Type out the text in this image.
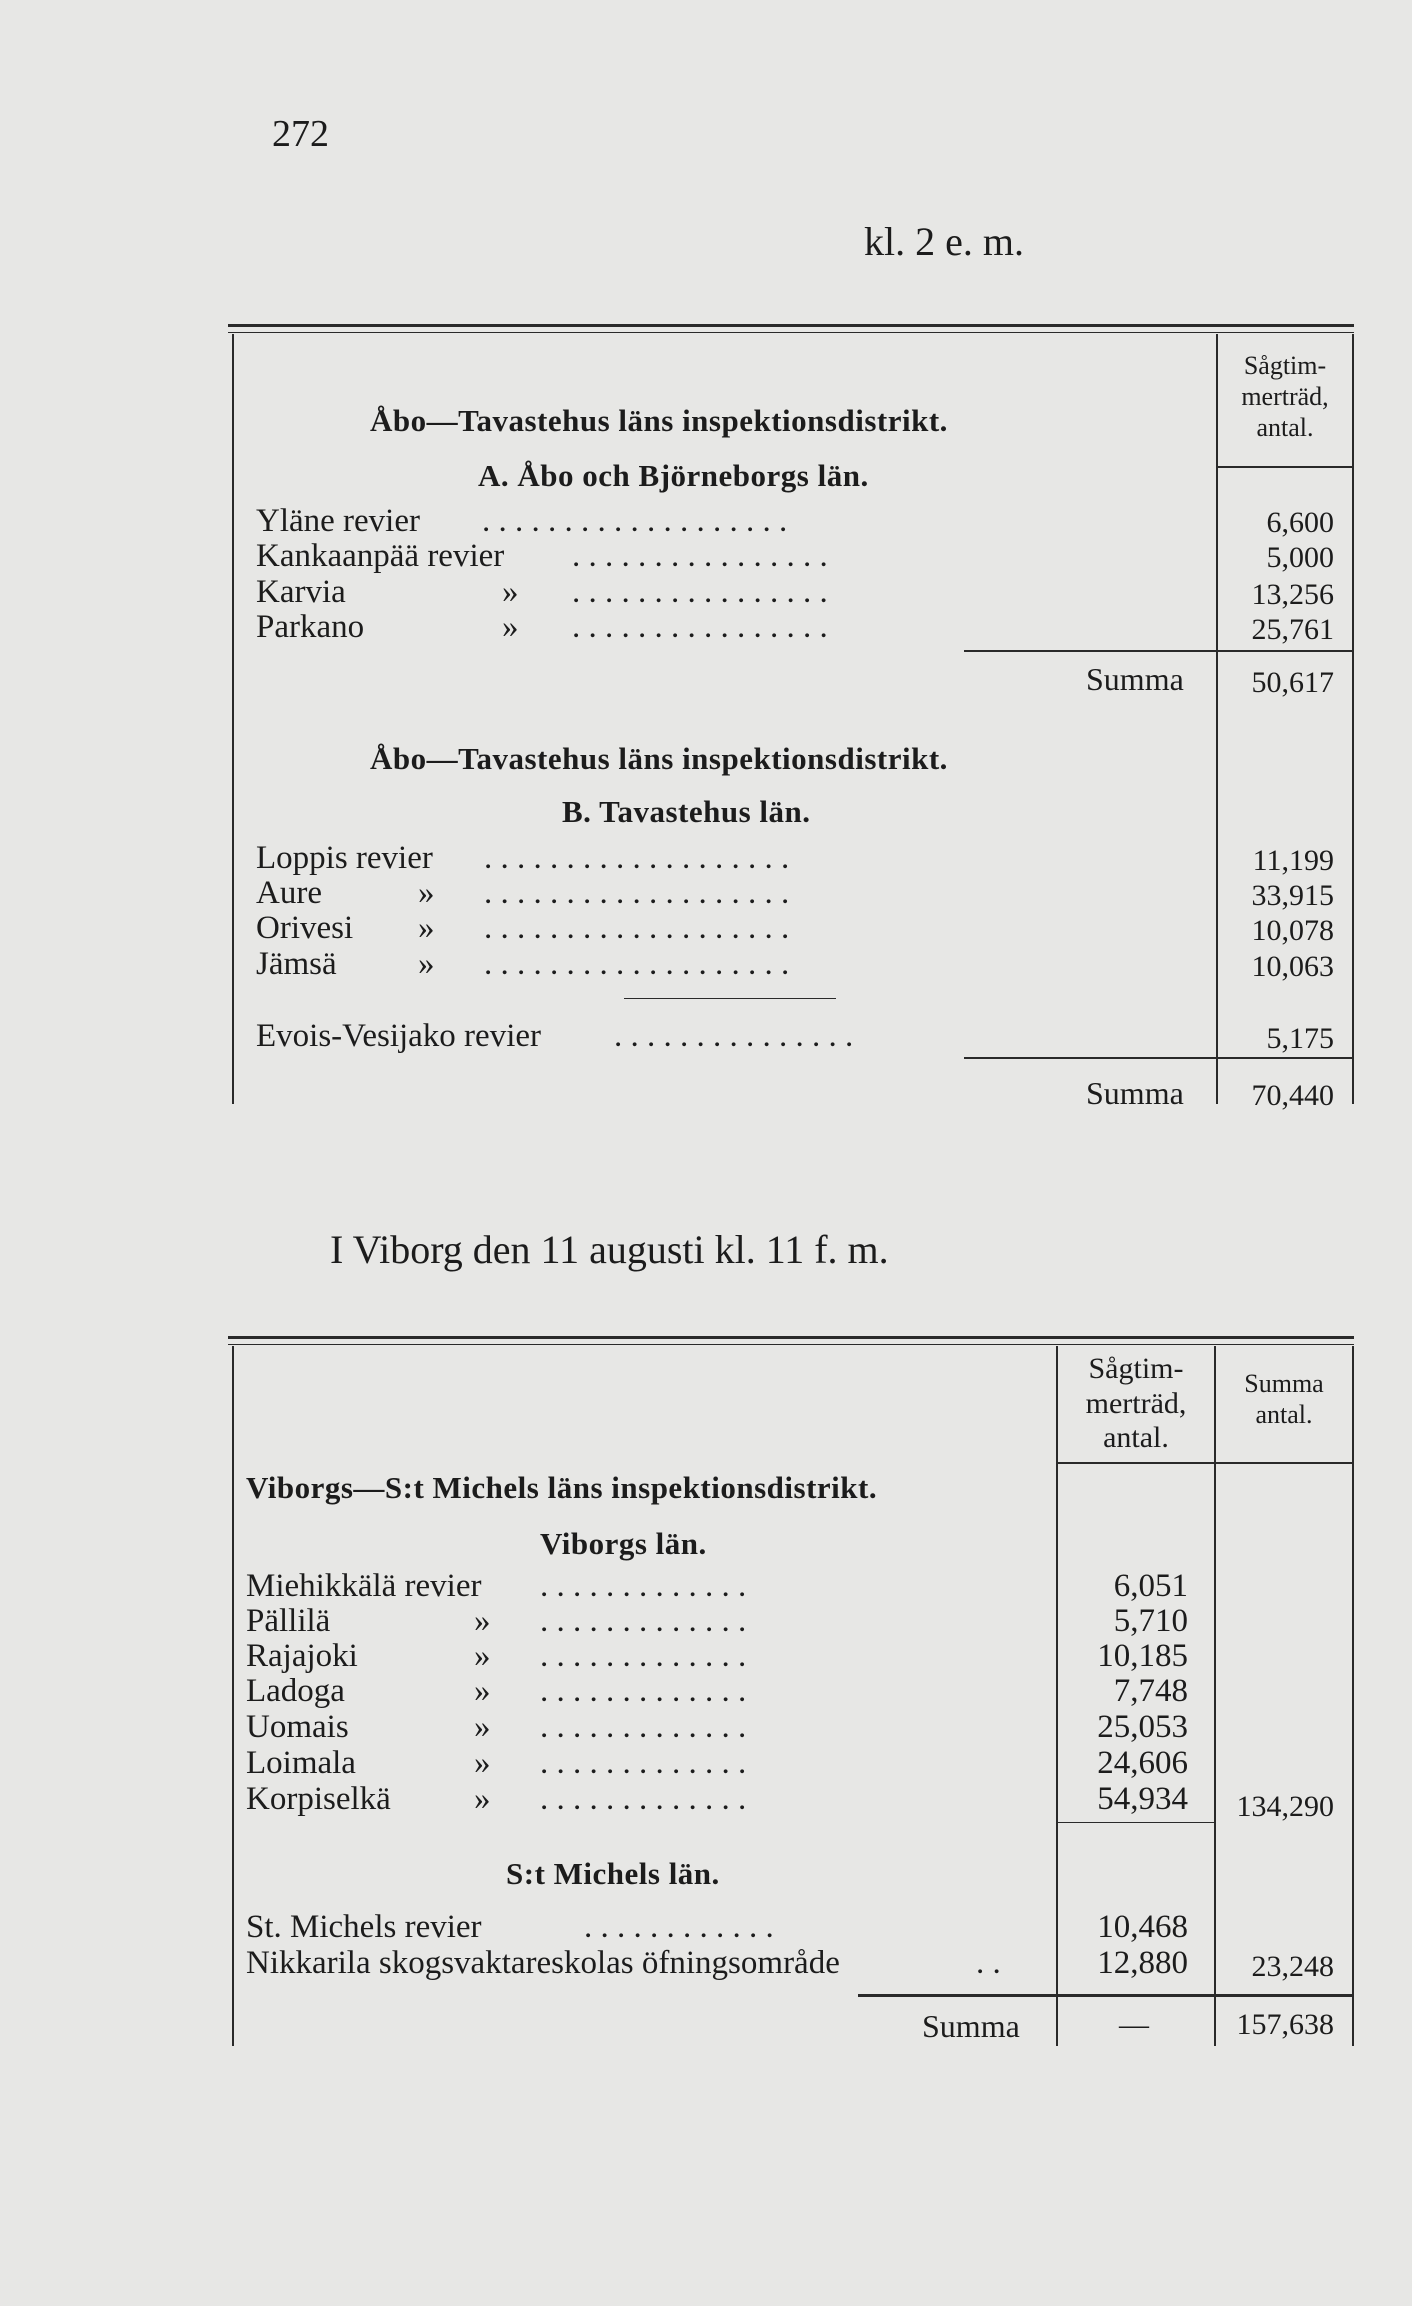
272
kl. 2 e. m.
Sågtim-
merträd,
antal.
Åbo—Tavastehus läns inspektionsdistrikt.
A. Åbo och Björneborgs län.
Yläne revier . . . . . . . . . . . . . . . . . . .	6,600
Kankaanpää revier . . . . . . . . . . . . . . . .	5,000
Karvia	» . . . . . . . . . . . . . . . .	13,256
Parkano	» . . . . . . . . . . . . . . . .	25,761
Summa	50,617
Åbo—Tavastehus läns inspektionsdistrikt.
B. Tavastehus län.
Loppis revier . . . . . . . . . . . . . . . . . . .	11,199
Aure	» . . . . . . . . . . . . . . . . . . .	33,915
Orivesi » . . . . . . . . . . . . . . . . . . .	10,078
Jämsä » . . . . . . . . . . . . . . . . . . .	10,063
Evois-Vesijako revier . . . . . . . . . . . . . . .	5,175
Summa	70,440
I Viborg den 11 augusti kl. 11 f. m.
Sågtim-
merträd,
antal.
Summa
antal.
Viborgs—S:t Michels läns inspektionsdistrikt.
Viborgs län.
Miehikkälä revier . . . . . . . . . . . . .	6,051
Pällilä	» . . . . . . . . . . . . .	5,710
Rajajoki	» . . . . . . . . . . . . .	10,185
Ladoga	» . . . . . . . . . . . . .	7,748
Uomais	» . . . . . . . . . . . . .	25,053
Loimala	» . . . . . . . . . . . . .	24,606
Korpiselkä	» . . . . . . . . . . . . .	54,934	134,290
S:t Michels län.
St. Michels revier	. . . . . . . . . . . .	10,468
Nikkarila skogsvaktareskolas öfningsområde	. .	12,880	23,248
Summa	—	157,638
